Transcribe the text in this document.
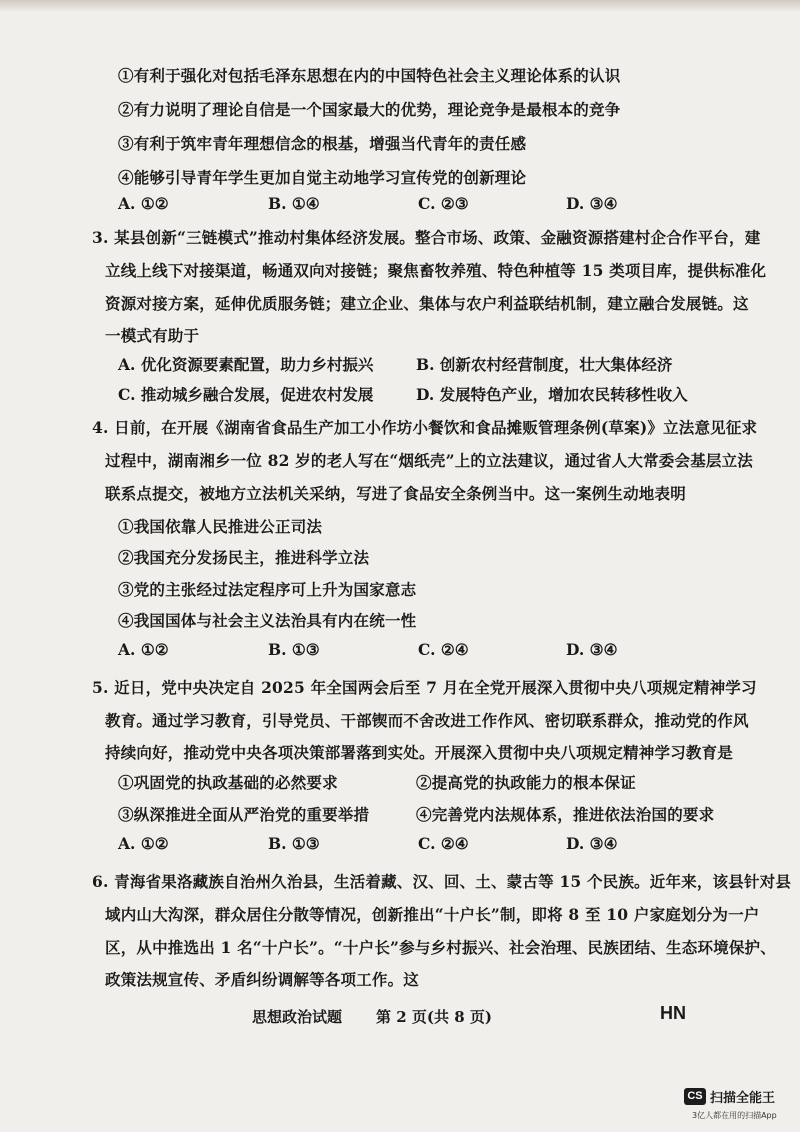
①有利于强化对包括毛泽东思想在内的中国特色社会主义理论体系的认识
②有力说明了理论自信是一个国家最大的优势，理论竞争是最根本的竞争
③有利于筑牢青年理想信念的根基，增强当代青年的责任感
④能够引导青年学生更加自觉主动地学习宣传党的创新理论
A. ①②	B. ①④	C. ②③	D. ③④
3. 某县创新“三链模式”推动村集体经济发展。整合市场、政策、金融资源搭建村企合作平台，建
立线上线下对接渠道，畅通双向对接链；聚焦畜牧养殖、特色种植等 15 类项目库，提供标准化
资源对接方案，延伸优质服务链；建立企业、集体与农户利益联结机制，建立融合发展链。这
一模式有助于
A. 优化资源要素配置，助力乡村振兴	B. 创新农村经营制度，壮大集体经济
C. 推动城乡融合发展，促进农村发展	D. 发展特色产业，增加农民转移性收入
4. 日前，在开展《湖南省食品生产加工小作坊小餐饮和食品摊贩管理条例(草案)》立法意见征求
过程中，湖南湘乡一位 82 岁的老人写在“烟纸壳”上的立法建议，通过省人大常委会基层立法
联系点提交，被地方立法机关采纳，写进了食品安全条例当中。这一案例生动地表明
①我国依靠人民推进公正司法
②我国充分发扬民主，推进科学立法
③党的主张经过法定程序可上升为国家意志
④我国国体与社会主义法治具有内在统一性
A. ①②	B. ①③	C. ②④	D. ③④
5. 近日，党中央决定自 2025 年全国两会后至 7 月在全党开展深入贯彻中央八项规定精神学习
教育。通过学习教育，引导党员、干部锲而不舍改进工作作风、密切联系群众，推动党的作风
持续向好，推动党中央各项决策部署落到实处。开展深入贯彻中央八项规定精神学习教育是
①巩固党的执政基础的必然要求	②提高党的执政能力的根本保证
③纵深推进全面从严治党的重要举措	④完善党内法规体系，推进依法治国的要求
A. ①②	B. ①③	C. ②④	D. ③④
6. 青海省果洛藏族自治州久治县，生活着藏、汉、回、土、蒙古等 15 个民族。近年来，该县针对县
域内山大沟深，群众居住分散等情况，创新推出“十户长”制，即将 8 至 10 户家庭划分为一户
区，从中推选出 1 名“十户长”。“十户长”参与乡村振兴、社会治理、民族团结、生态环境保护、
政策法规宣传、矛盾纠纷调解等各项工作。这
思想政治试题 第 2 页(共 8 页)	HN
CS 扫描全能王
3亿人都在用的扫描App
